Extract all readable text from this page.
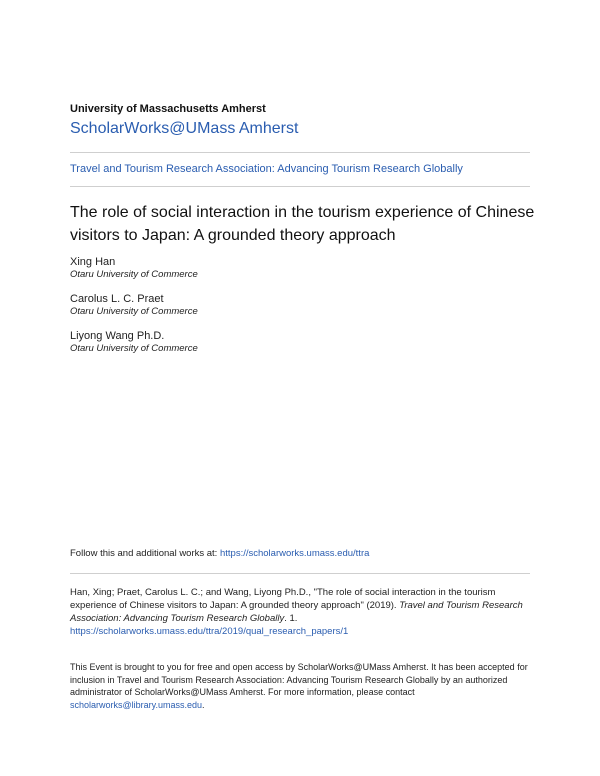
University of Massachusetts Amherst
ScholarWorks@UMass Amherst
Travel and Tourism Research Association: Advancing Tourism Research Globally
The role of social interaction in the tourism experience of Chinese visitors to Japan: A grounded theory approach
Xing Han
Otaru University of Commerce
Carolus L. C. Praet
Otaru University of Commerce
Liyong Wang Ph.D.
Otaru University of Commerce
Follow this and additional works at: https://scholarworks.umass.edu/ttra
Han, Xing; Praet, Carolus L. C.; and Wang, Liyong Ph.D., "The role of social interaction in the tourism experience of Chinese visitors to Japan: A grounded theory approach" (2019). Travel and Tourism Research Association: Advancing Tourism Research Globally. 1.
https://scholarworks.umass.edu/ttra/2019/qual_research_papers/1
This Event is brought to you for free and open access by ScholarWorks@UMass Amherst. It has been accepted for inclusion in Travel and Tourism Research Association: Advancing Tourism Research Globally by an authorized administrator of ScholarWorks@UMass Amherst. For more information, please contact scholarworks@library.umass.edu.
